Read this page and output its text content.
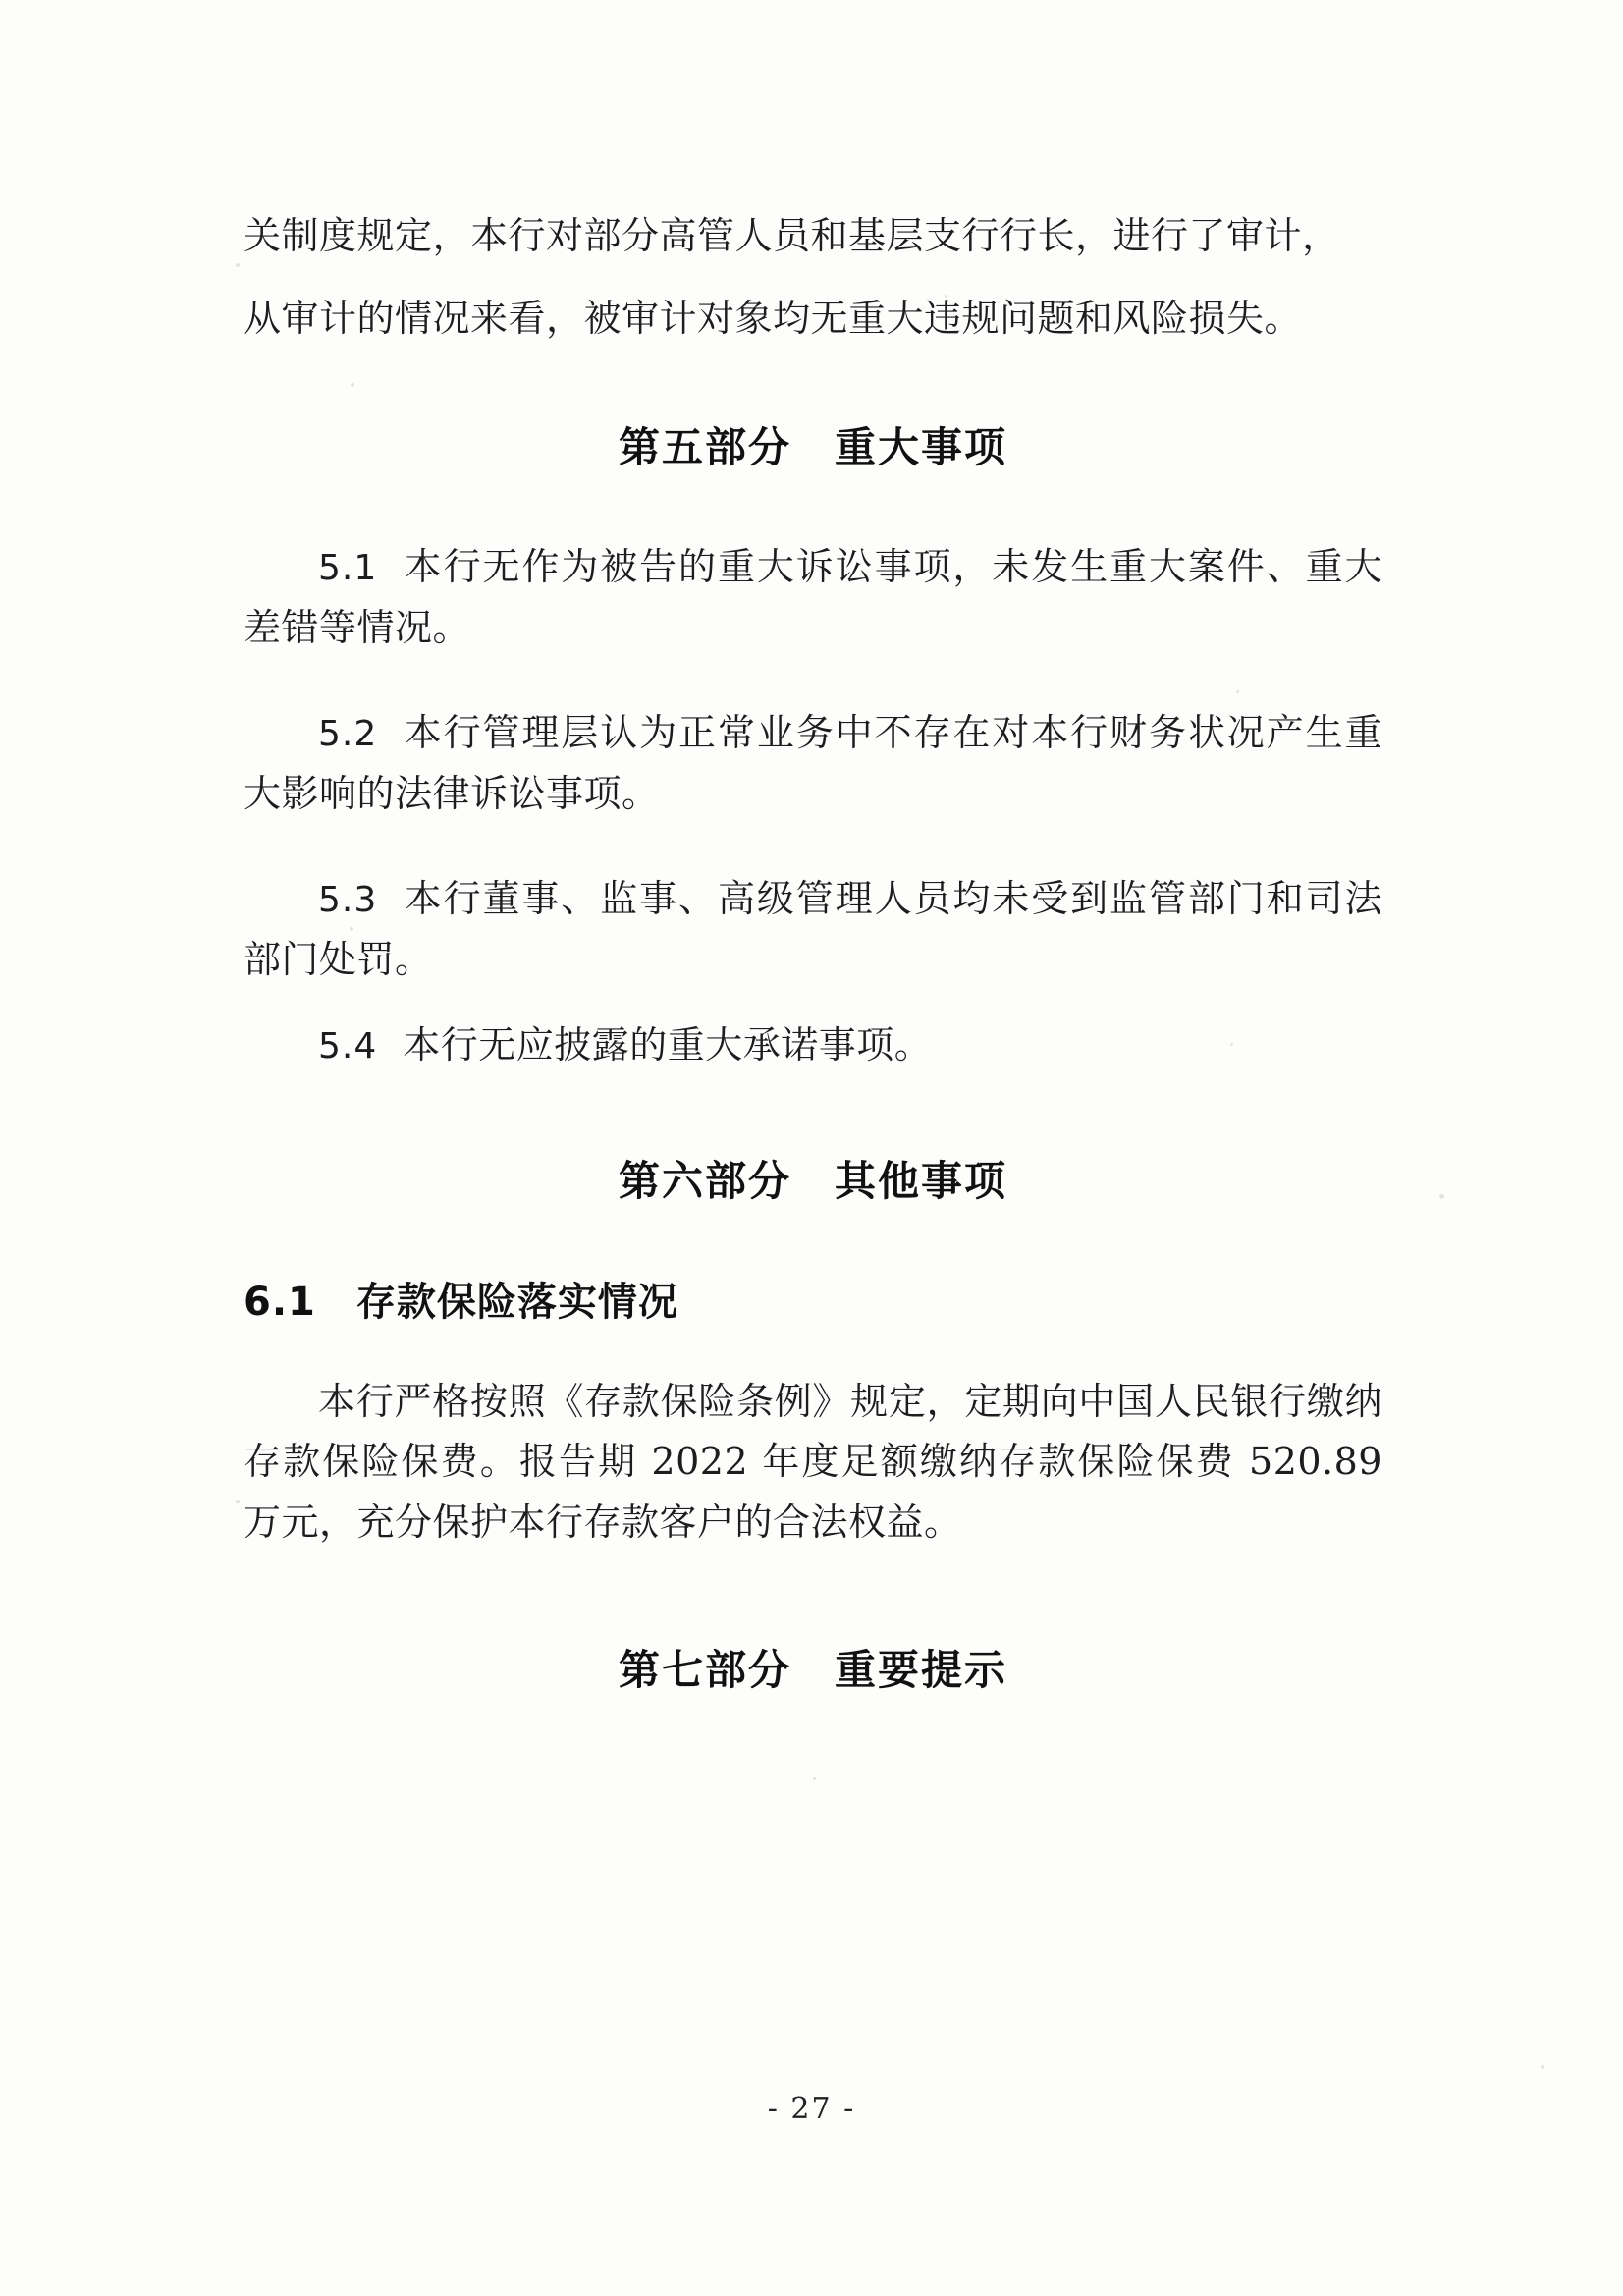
关制度规定，本行对部分高管人员和基层支行行长，进行了审计，

从审计的情况来看，被审计对象均无重大违规问题和风险损失。

第五部分　重大事项

5.1 本行无作为被告的重大诉讼事项，未发生重大案件、重大差错等情况。

5.2 本行管理层认为正常业务中不存在对本行财务状况产生重大影响的法律诉讼事项。

5.3 本行董事、监事、高级管理人员均未受到监管部门和司法部门处罚。

5.4 本行无应披露的重大承诺事项。

第六部分　其他事项
6.1　存款保险落实情况

本行严格按照《存款保险条例》规定，定期向中国人民银行缴纳存款保险保费。报告期 2022 年度足额缴纳存款保险保费 520.89 万元，充分保护本行存款客户的合法权益。

第七部分　重要提示
- 27 -
